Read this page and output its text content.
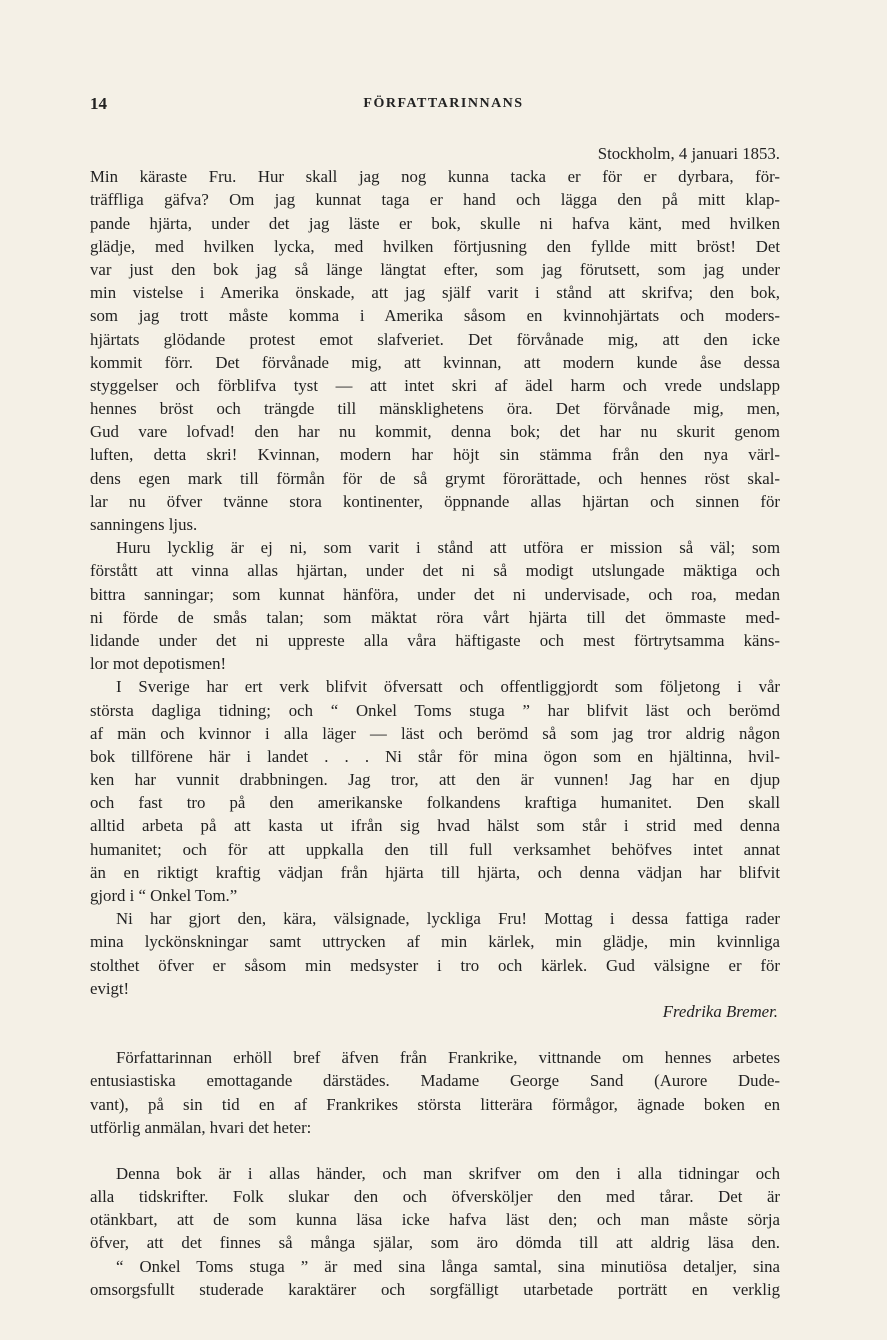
14	FÖRFATTARINNANS
Stockholm, 4 januari 1853.
Min käraste Fru. Hur skall jag nog kunna tacka er för er dyrbara, för-
träffliga gäfva? Om jag kunnat taga er hand och lägga den på mitt klap-
pande hjärta, under det jag läste er bok, skulle ni hafva känt, med hvilken
glädje, med hvilken lycka, med hvilken förtjusning den fyllde mitt bröst! Det
var just den bok jag så länge längtat efter, som jag förutsett, som jag under
min vistelse i Amerika önskade, att jag själf varit i stånd att skrifva; den bok,
som jag trott måste komma i Amerika såsom en kvinnohjärtats och moders-
hjärtats glödande protest emot slafveriet. Det förvånade mig, att den icke
kommit förr. Det förvånade mig, att kvinnan, att modern kunde åse dessa
styggelser och förblifva tyst — att intet skri af ädel harm och vrede undslapp
hennes bröst och trängde till mänsklighetens öra. Det förvånade mig, men,
Gud vare lofvad! den har nu kommit, denna bok; det har nu skurit genom
luften, detta skri! Kvinnan, modern har höjt sin stämma från den nya värl-
dens egen mark till förmån för de så grymt förorättade, och hennes röst skal-
lar nu öfver tvänne stora kontinenter, öppnande allas hjärtan och sinnen för
sanningens ljus.
Huru lycklig är ej ni, som varit i stånd att utföra er mission så väl; som
förstått att vinna allas hjärtan, under det ni så modigt utslungade mäktiga och
bittra sanningar; som kunnat hänföra, under det ni undervisade, och roa, medan
ni förde de smås talan; som mäktat röra vårt hjärta till det ömmaste med-
lidande under det ni uppreste alla våra häftigaste och mest förtrytsamma käns-
lor mot depotismen!
I Sverige har ert verk blifvit öfversatt och offentliggjordt som följetong i vår
största dagliga tidning; och “ Onkel Toms stuga ” har blifvit läst och berömd
af män och kvinnor i alla läger — läst och berömd så som jag tror aldrig någon
bok tillförene här i landet . . . Ni står för mina ögon som en hjältinna, hvil-
ken har vunnit drabbningen. Jag tror, att den är vunnen! Jag har en djup
och fast tro på den amerikanske folkandens kraftiga humanitet. Den skall
alltid arbeta på att kasta ut ifrån sig hvad hälst som står i strid med denna
humanitet; och för att uppkalla den till full verksamhet behöfves intet annat
än en riktigt kraftig vädjan från hjärta till hjärta, och denna vädjan har blifvit
gjord i “ Onkel Tom.”
Ni har gjort den, kära, välsignade, lyckliga Fru! Mottag i dessa fattiga rader
mina lyckönskningar samt uttrycken af min kärlek, min glädje, min kvinnliga
stolthet öfver er såsom min medsyster i tro och kärlek. Gud välsigne er för
evigt!
Fredrika Bremer.
Författarinnan erhöll bref äfven från Frankrike, vittnande om hennes arbetes
entusiastiska emottagande därstädes. Madame George Sand (Aurore Dude-
vant), på sin tid en af Frankrikes största litterära förmågor, ägnade boken en
utförlig anmälan, hvari det heter:
Denna bok är i allas händer, och man skrifver om den i alla tidningar och
alla tidskrifter. Folk slukar den och öfversköljer den med tårar. Det är
otänkbart, att de som kunna läsa icke hafva läst den; och man måste sörja
öfver, att det finnes så många själar, som äro dömda till att aldrig läsa den.
“ Onkel Toms stuga ” är med sina långa samtal, sina minutiösa detaljer, sina
omsorgsfullt studerade karaktärer och sorgfälligt utarbetade porträtt en verklig
